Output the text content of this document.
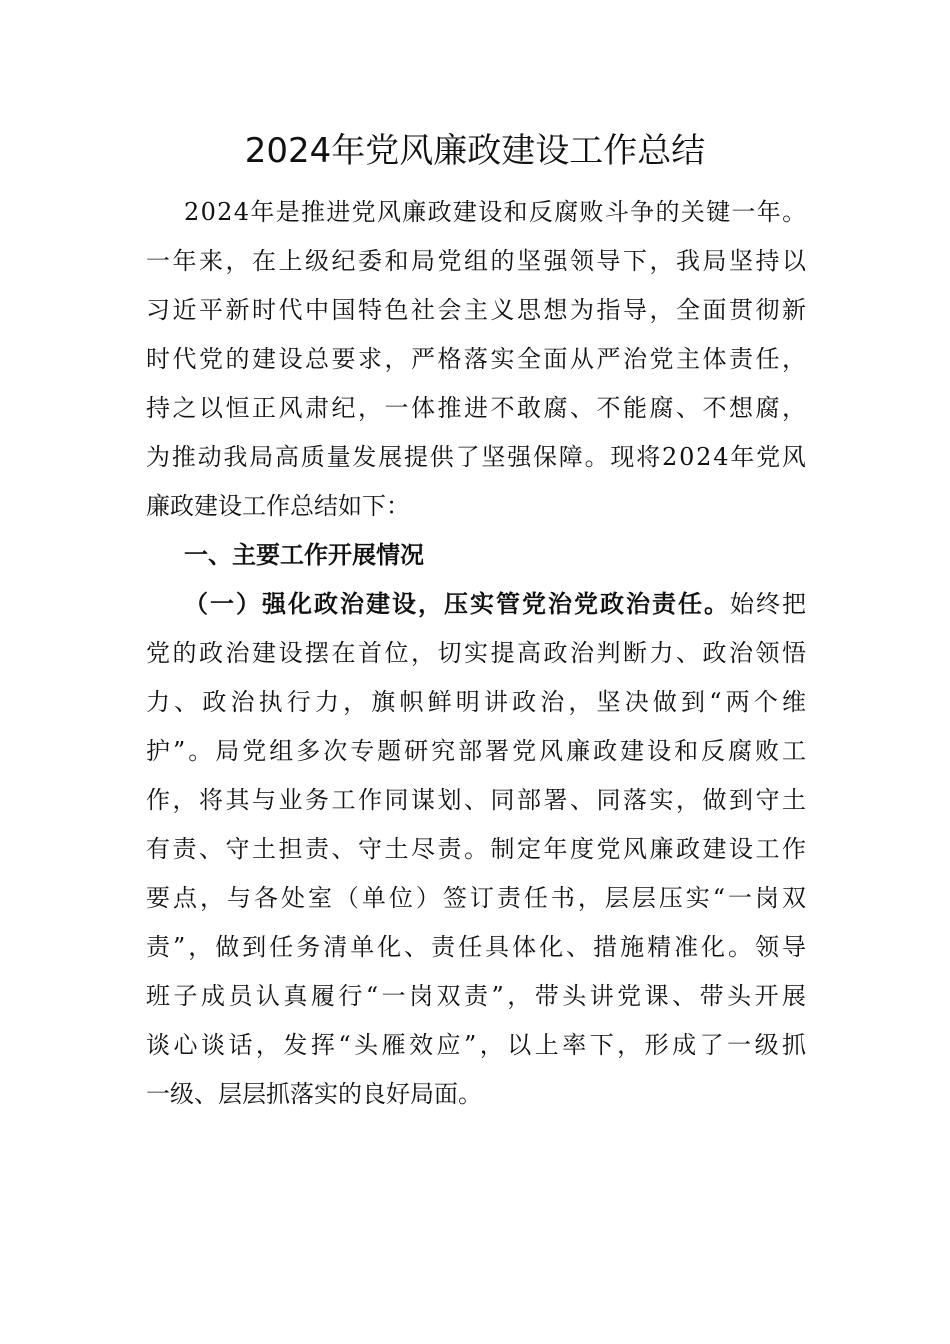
2024年党风廉政建设工作总结
2024年是推进党风廉政建设和反腐败斗争的关键一年。
一年来，在上级纪委和局党组的坚强领导下，我局坚持以
习近平新时代中国特色社会主义思想为指导，全面贯彻新
时代党的建设总要求，严格落实全面从严治党主体责任，
持之以恒正风肃纪，一体推进不敢腐、不能腐、不想腐，
为推动我局高质量发展提供了坚强保障。现将2024年党风
廉政建设工作总结如下：
一、主要工作开展情况
（一）强化政治建设，压实管党治党政治责任。始终把
党的政治建设摆在首位，切实提高政治判断力、政治领悟
力、政治执行力，旗帜鲜明讲政治，坚决做到“两个维
护”。局党组多次专题研究部署党风廉政建设和反腐败工
作，将其与业务工作同谋划、同部署、同落实，做到守土
有责、守土担责、守土尽责。制定年度党风廉政建设工作
要点，与各处室（单位）签订责任书，层层压实“一岗双
责”，做到任务清单化、责任具体化、措施精准化。领导
班子成员认真履行“一岗双责”，带头讲党课、带头开展
谈心谈话，发挥“头雁效应”，以上率下，形成了一级抓
一级、层层抓落实的良好局面。
